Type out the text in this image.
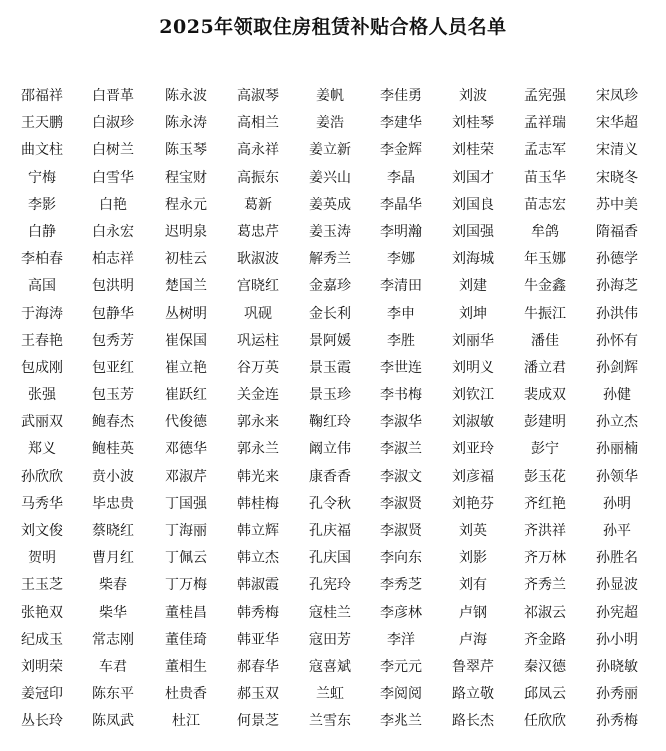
2025年领取住房租赁补贴合格人员名单
邵福祥	白晋革	陈永波	高淑琴	姜帆	李佳勇	刘波	孟宪强	宋凤珍
王天鹏	白淑珍	陈永涛	高相兰	姜浩	李建华	刘桂琴	孟祥瑞	宋华超
曲文柱	白树兰	陈玉琴	高永祥	姜立新	李金辉	刘桂荣	孟志军	宋清义
宁梅	白雪华	程宝财	高振东	姜兴山	李晶	刘国才	苗玉华	宋晓冬
李影	白艳	程永元	葛新	姜英成	李晶华	刘国良	苗志宏	苏中美
白静	白永宏	迟明泉	葛忠芹	姜玉涛	李明瀚	刘国强	牟鸽	隋福香
李柏春	柏志祥	初桂云	耿淑波	解秀兰	李娜	刘海城	年玉娜	孙德学
高国	包洪明	楚国兰	宫晓红	金嘉珍	李清田	刘建	牛金鑫	孙海芝
于海涛	包静华	丛树明	巩砚	金长利	李申	刘坤	牛振江	孙洪伟
王春艳	包秀芳	崔保国	巩运柱	景阿媛	李胜	刘丽华	潘佳	孙怀有
包成刚	包亚红	崔立艳	谷万英	景玉霞	李世连	刘明义	潘立君	孙剑辉
张强	包玉芳	崔跃红	关金连	景玉珍	李书梅	刘钦江	裴成双	孙健
武丽双	鲍春杰	代俊德	郭永来	鞠红玲	李淑华	刘淑敏	彭建明	孙立杰
郑义	鲍桂英	邓德华	郭永兰	阚立伟	李淑兰	刘亚玲	彭宁	孙丽楠
孙欣欣	贲小波	邓淑芹	韩光来	康香香	李淑文	刘彦福	彭玉花	孙领华
马秀华	毕忠贵	丁国强	韩桂梅	孔令秋	李淑贤	刘艳芬	齐红艳	孙明
刘文俊	蔡晓红	丁海丽	韩立辉	孔庆福	李淑贤	刘英	齐洪祥	孙平
贺明	曹月红	丁佩云	韩立杰	孔庆国	李向东	刘影	齐万林	孙胜名
王玉芝	柴春	丁万梅	韩淑霞	孔宪玲	李秀芝	刘有	齐秀兰	孙显波
张艳双	柴华	董桂昌	韩秀梅	寇桂兰	李彦林	卢钢	祁淑云	孙宪超
纪成玉	常志刚	董佳琦	韩亚华	寇田芳	李洋	卢海	齐金路	孙小明
刘明荣	车君	董相生	郝春华	寇喜斌	李元元	鲁翠芹	秦汉德	孙晓敏
姜冠印	陈东平	杜贵香	郝玉双	兰虹	李阅阅	路立敬	邱凤云	孙秀丽
丛长玲	陈凤武	杜江	何景芝	兰雪东	李兆兰	路长杰	任欣欣	孙秀梅
